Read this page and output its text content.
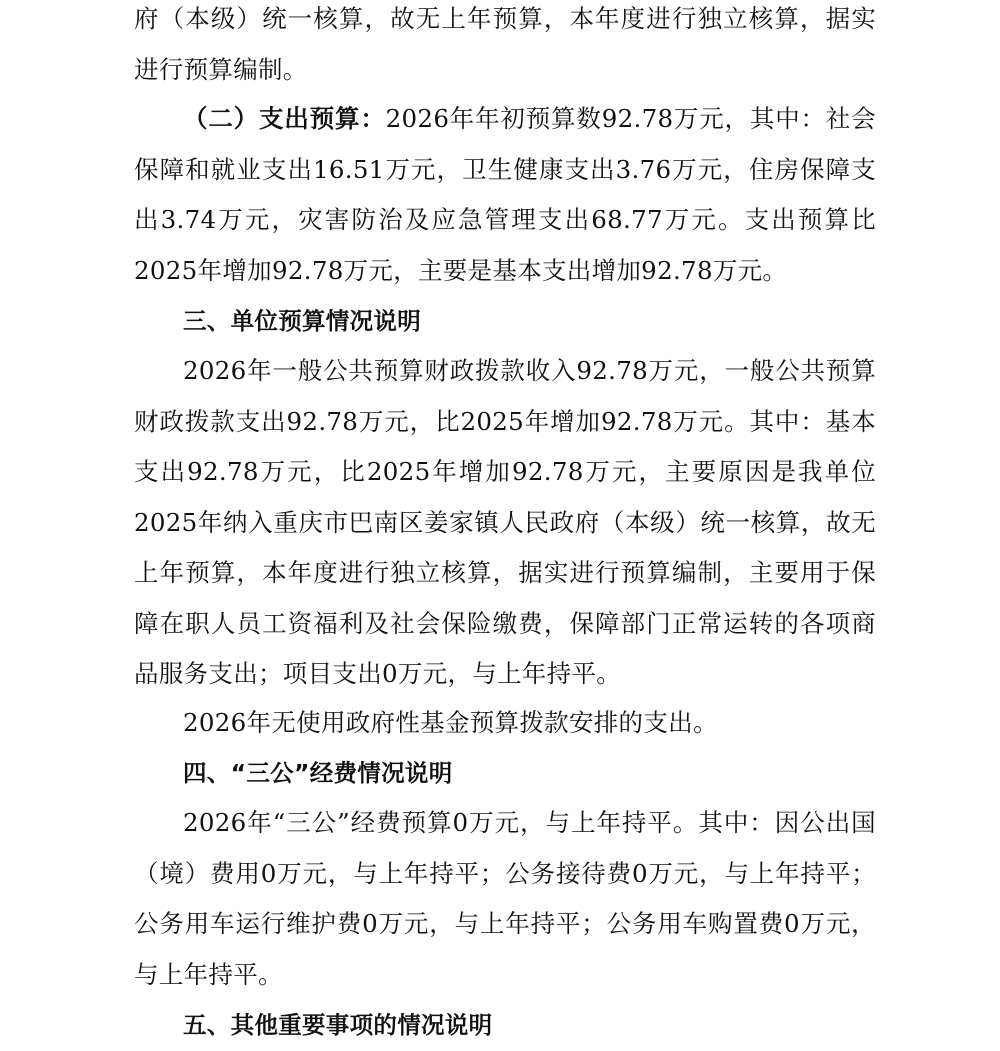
府（本级）统一核算，故无上年预算，本年度进行独立核算，据实进行预算编制。

（二）支出预算：2026年年初预算数92.78万元，其中：社会保障和就业支出16.51万元，卫生健康支出3.76万元，住房保障支出3.74万元，灾害防治及应急管理支出68.77万元。支出预算比2025年增加92.78万元，主要是基本支出增加92.78万元。

三、单位预算情况说明

2026年一般公共预算财政拨款收入92.78万元，一般公共预算财政拨款支出92.78万元，比2025年增加92.78万元。其中：基本支出92.78万元，比2025年增加92.78万元，主要原因是我单位2025年纳入重庆市巴南区姜家镇人民政府（本级）统一核算，故无上年预算，本年度进行独立核算，据实进行预算编制，主要用于保障在职人员工资福利及社会保险缴费，保障部门正常运转的各项商品服务支出；项目支出0万元，与上年持平。

2026年无使用政府性基金预算拨款安排的支出。

四、“三公”经费情况说明

2026年“三公”经费预算0万元，与上年持平。其中：因公出国（境）费用0万元，与上年持平；公务接待费0万元，与上年持平；公务用车运行维护费0万元，与上年持平；公务用车购置费0万元，与上年持平。

五、其他重要事项的情况说明
